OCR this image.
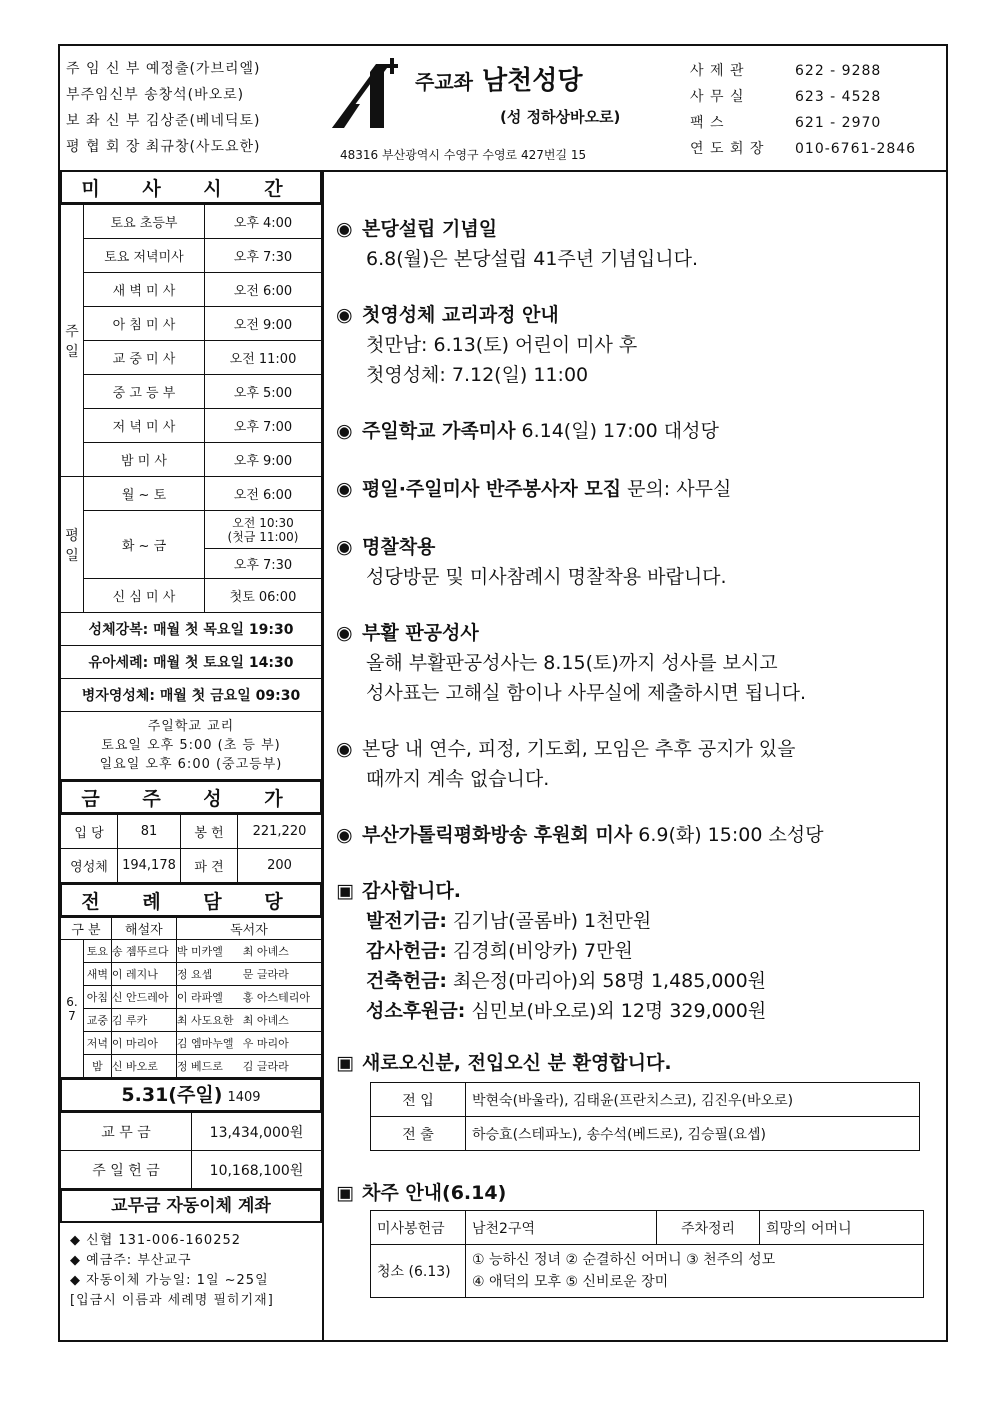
주 임 신 부 예정출(가브리엘)
부주임신부 송창석(바오로)
보 좌 신 부 김상준(베네딕토)
평 협 회 장 최규창(사도요한)
주교좌 남천성당
(성 정하상바오로)
48316 부산광역시 수영구 수영로 427번길 15
사 제 관	622 - 9288
사 무 실	623 - 4528
팩 스	621 - 2970
연 도 회 장	010-6761-2846
미 사 시 간
주일	토요 초등부	오후 4:00
	토요 저녁미사	오후 7:30
	새 벽 미 사	오전 6:00
	아 침 미 사	오전 9:00
	교 중 미 사	오전 11:00
	중 고 등 부	오후 5:00
	저 녁 미 사	오후 7:00
	밤 미 사	오후 9:00
평일	월 ~ 토	오전 6:00
	화 ~ 금	오전 10:30
(첫금 11:00)

		오후 7:30
	신 심 미 사	첫토 06:00
성체강복: 매월 첫 목요일 19:30		
유아세례: 매월 첫 토요일 14:30		
병자영성체: 매월 첫 금요일 09:30		

주일학교 교리
토요일 오후 5:00 (초 등 부)
일요일 오후 6:00 (중고등부)		
금 주 성 가
입 당	81	봉 헌	221,220
영성체	194,178	파 견	200
전 례 담 당
구 분		해설자	독서자	
6. 7	토요	송 젬뚜르다	박 미카엘	최 아녜스
	새벽	이 레지나	정 요셉	문 글라라
	아침	신 안드레아	이 라파엘	홍 아스테리아
	교중	김 루카	최 사도요한	최 아녜스
	저녁	이 마리아	김 엠마누엘	우 마리아
	밤	신 바오로	정 베드로	김 글라라
5.31(주일) 1409
교 무 금	13,434,000원
주 일 헌 금	10,168,100원
교무금 자동이체 계좌
◆ 신협 131-006-160252
◆ 예금주: 부산교구
◆ 자동이체 가능일: 1일 ~25일
[입금시 이름과 세례명 필히기재]
◉ 본당설립 기념일
6.8(월)은 본당설립 41주년 기념입니다.
◉ 첫영성체 교리과정 안내
첫만남: 6.13(토) 어린이 미사 후
첫영성체: 7.12(일) 11:00
◉ 주일학교 가족미사 6.14(일) 17:00 대성당
◉ 평일·주일미사 반주봉사자 모집 문의: 사무실
◉ 명찰착용
성당방문 및 미사참례시 명찰착용 바랍니다.
◉ 부활 판공성사
올해 부활판공성사는 8.15(토)까지 성사를 보시고
성사표는 고해실 함이나 사무실에 제출하시면 됩니다.
◉ 본당 내 연수, 피정, 기도회, 모임은 추후 공지가 있을
때까지 계속 없습니다.
◉ 부산가톨릭평화방송 후원회 미사 6.9(화) 15:00 소성당
▣ 감사합니다.
발전기금: 김기남(골롬바) 1천만원
감사헌금: 김경희(비앙카) 7만원
건축헌금: 최은정(마리아)외 58명 1,485,000원
성소후원금: 심민보(바오로)외 12명 329,000원
▣ 새로오신분, 전입오신 분 환영합니다.
전 입	박현숙(바울라), 김태윤(프란치스코), 김진우(바오로)
전 출	하승효(스테파노), 송수석(베드로), 김승필(요셉)
▣ 차주 안내(6.14)
미사봉헌금	남천2구역	주차정리	희망의 어머니
청소 (6.13)	① 능하신 정녀 ② 순결하신 어머니 ③ 천주의 성모
④ 애덕의 모후 ⑤ 신비로운 장미		
